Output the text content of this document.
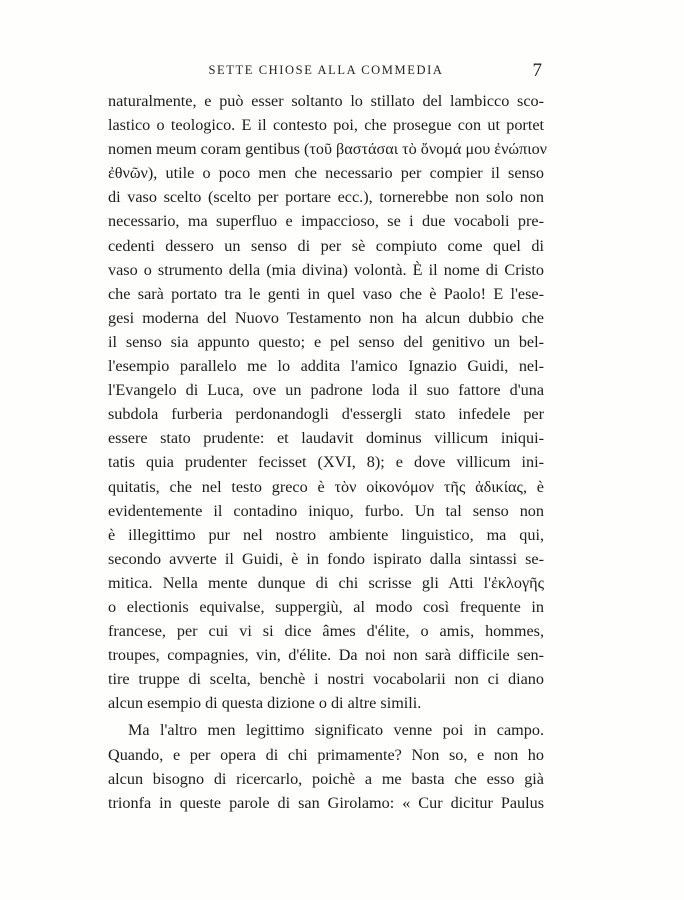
SETTE CHIOSE ALLA COMMEDIA	7
naturalmente, e può esser soltanto lo stillato del lambicco sco-
lastico o teologico. E il contesto poi, che prosegue con ut portet
nomen meum coram gentibus (τοῦ βαστάσαι τὸ ὄνομά μου ἐνώπιον
ἐθνῶν), utile o poco men che necessario per compier il senso
di vaso scelto (scelto per portare ecc.), tornerebbe non solo non
necessario, ma superfluo e impaccioso, se i due vocaboli pre-
cedenti dessero un senso di per sè compiuto come quel di
vaso o strumento della (mia divina) volontà. È il nome di Cristo
che sarà portato tra le genti in quel vaso che è Paolo! E l'ese-
gesi moderna del Nuovo Testamento non ha alcun dubbio che
il senso sia appunto questo; e pel senso del genitivo un bel-
l'esempio parallelo me lo addita l'amico Ignazio Guidi, nel-
l'Evangelo di Luca, ove un padrone loda il suo fattore d'una
subdola furberia perdonandogli d'essergli stato infedele per
essere stato prudente: et laudavit dominus villicum iniqui-
tatis quia prudenter fecisset (XVI, 8); e dove villicum ini-
quitatis, che nel testo greco è τὸν οἰκονόμον τῆς ἀδικίας, è
evidentemente il contadino iniquo, furbo. Un tal senso non
è illegittimo pur nel nostro ambiente linguistico, ma qui,
secondo avverte il Guidi, è in fondo ispirato dalla sintassi se-
mitica. Nella mente dunque di chi scrisse gli Atti l'ἐκλογῆς
o electionis equivalse, suppergiù, al modo così frequente in
francese, per cui vi si dice âmes d'élite, o amis, hommes,
troupes, compagnies, vin, d'élite. Da noi non sarà difficile sen-
tire truppe di scelta, benchè i nostri vocabolarii non ci diano
alcun esempio di questa dizione o di altre simili.
Ma l'altro men legittimo significato venne poi in campo.
Quando, e per opera di chi primamente? Non so, e non ho
alcun bisogno di ricercarlo, poichè a me basta che esso già
trionfa in queste parole di san Girolamo: « Cur dicitur Paulus
